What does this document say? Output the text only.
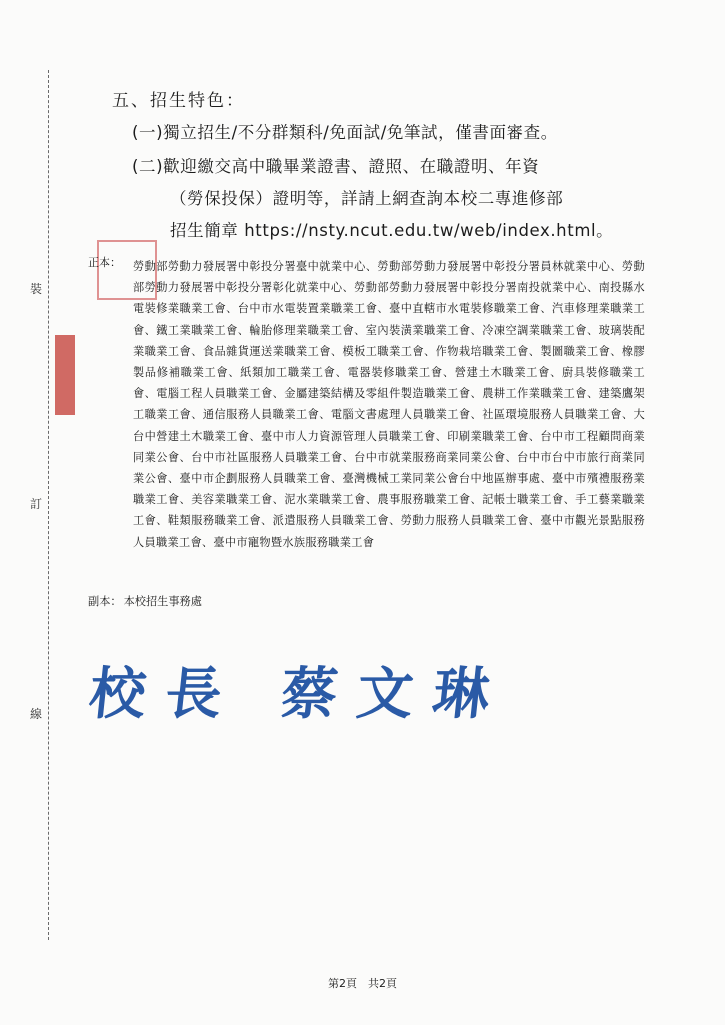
裝
訂
線
五、招生特色：
(一)獨立招生/不分群類科/免面試/免筆試，僅書面審查。
(二)歡迎繳交高中職畢業證書、證照、在職證明、年資
（勞保投保）證明等，詳請上網查詢本校二專進修部
招生簡章 https://nsty.ncut.edu.tw/web/index.html。
正本： 勞動部勞動力發展署中彰投分署臺中就業中心、勞動部勞動力發展署中彰投分署員林就業中心、勞動部勞動力發展署中彰投分署彰化就業中心、勞動部勞動力發展署中彰投分署南投就業中心、南投縣水電裝修業職業工會、台中市水電裝置業職業工會、臺中直轄市水電裝修職業工會、汽車修理業職業工會、鐵工業職業工會、輪胎修理業職業工會、室內裝潢業職業工會、冷凍空調業職業工會、玻璃裝配業職業工會、食品雜貨運送業職業工會、模板工職業工會、作物栽培職業工會、製圖職業工會、橡膠製品修補職業工會、紙類加工職業工會、電器裝修職業工會、營建土木職業工會、廚具裝修職業工會、電腦工程人員職業工會、金屬建築結構及零組件製造職業工會、農耕工作業職業工會、建築鷹架工職業工會、通信服務人員職業工會、電腦文書處理人員職業工會、社區環境服務人員職業工會、大台中營建土木職業工會、臺中市人力資源管理人員職業工會、印刷業職業工會、台中市工程顧問商業同業公會、台中市社區服務人員職業工會、台中市就業服務商業同業公會、台中市台中市旅行商業同業公會、臺中市企劃服務人員職業工會、臺灣機械工業同業公會台中地區辦事處、臺中市殯禮服務業職業工會、美容業職業工會、泥水業職業工會、農事服務職業工會、記帳士職業工會、手工藝業職業工會、鞋類服務職業工會、派遣服務人員職業工會、勞動力服務人員職業工會、臺中市觀光景點服務人員職業工會、臺中市寵物暨水族服務職業工會
副本： 本校招生事務處
校長 蔡文琳
第2頁　共2頁
